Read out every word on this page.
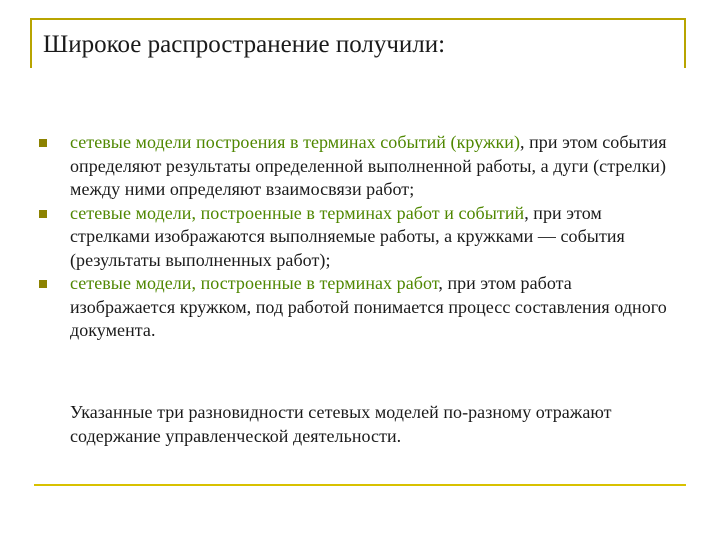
Широкое распространение получили:
сетевые модели построения в терминах событий (кружки), при этом события определяют результаты определенной выполненной работы, а дуги (стрелки) между ними определяют взаимосвязи работ;
сетевые модели, построенные в терминах работ и событий, при этом стрелками изображаются выполняемые работы, а кружками — события (результаты выполненных работ);
сетевые модели, построенные в терминах работ, при этом работа изображается кружком, под работой понимается процесс составления одного документа.

Указанные три разновидности сетевых моделей по-разному отражают содержание управленческой деятельности.
